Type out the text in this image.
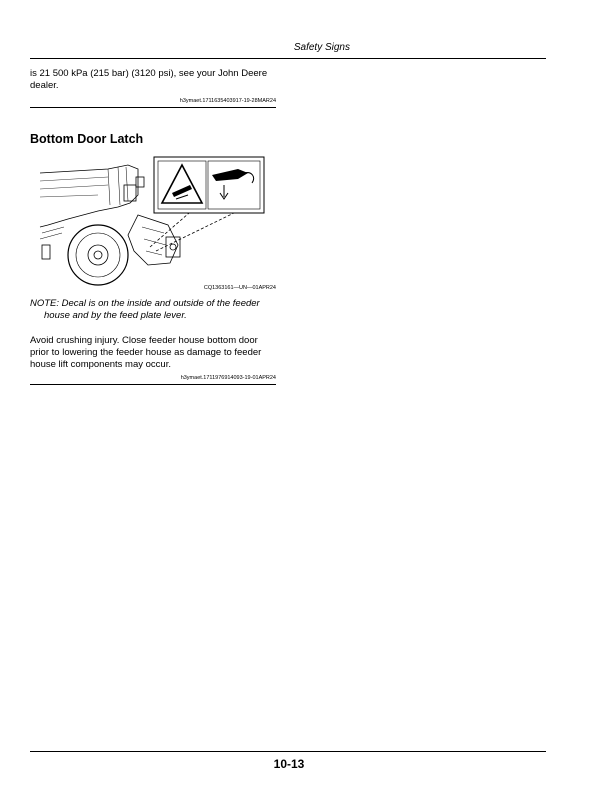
Safety Signs
is 21 500 kPa (215 bar) (3120 psi), see your John Deere dealer.
h3ymaet.1711635403917-19-28MAR24
Bottom Door Latch
CQ1363161—UN—01APR24
NOTE: Decal is on the inside and outside of the feeder
house and by the feed plate lever.
Avoid crushing injury. Close feeder house bottom door prior to lowering the feeder house as damage to feeder house lift components may occur.
h3ymaet.1711976914093-19-01APR24
10-13
